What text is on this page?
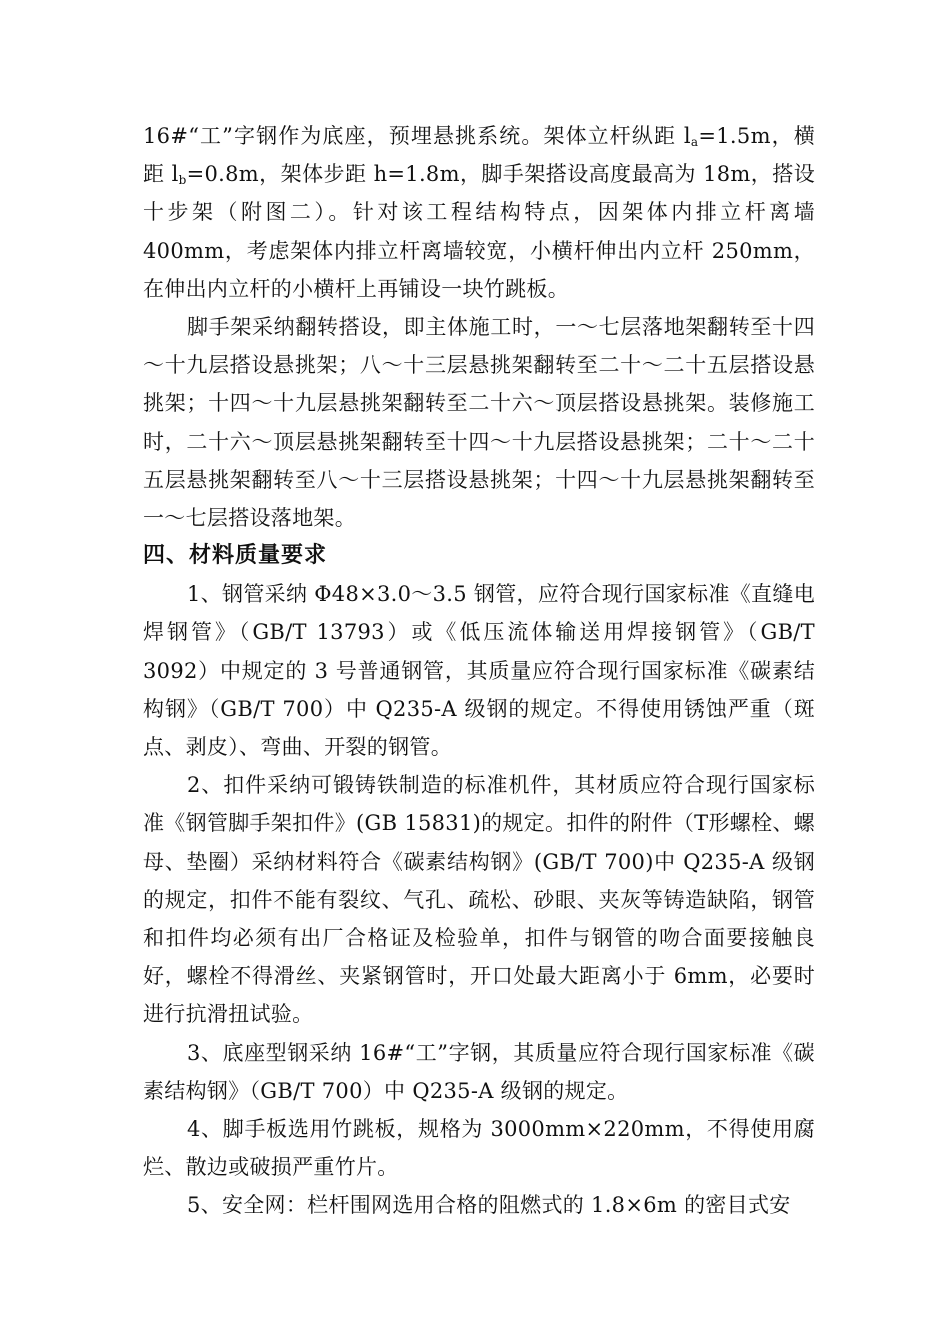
16#“工”字钢作为底座，预埋悬挑系统。架体立杆纵距 $l_a=1.5m$，横距 $l_b=0.8m$，架体步距 h=1.8m，脚手架搭设高度最高为 18m，搭设十步架（附图二）。针对该工程结构特点，因架体内排立杆离墙 400mm，考虑架体内排立杆离墙较宽，小横杆伸出内立杆 250mm，在伸出内立杆的小横杆上再铺设一块竹跳板。

脚手架采纳翻转搭设，即主体施工时，一～七层落地架翻转至十四～十九层搭设悬挑架；八～十三层悬挑架翻转至二十～二十五层搭设悬挑架；十四～十九层悬挑架翻转至二十六～顶层搭设悬挑架。装修施工时，二十六～顶层悬挑架翻转至十四～十九层搭设悬挑架；二十～二十五层悬挑架翻转至八～十三层搭设悬挑架；十四～十九层悬挑架翻转至一～七层搭设落地架。

四、材料质量要求

1、钢管采纳 Φ48×3.0～3.5 钢管，应符合现行国家标准《直缝电焊钢管》（GB/T 13793）或《低压流体输送用焊接钢管》（GB/T 3092）中规定的 3 号普通钢管，其质量应符合现行国家标准《碳素结构钢》（GB/T 700）中 Q235-A 级钢的规定。不得使用锈蚀严重（斑点、剥皮）、弯曲、开裂的钢管。

2、扣件采纳可锻铸铁制造的标准机件，其材质应符合现行国家标准《钢管脚手架扣件》(GB 15831)的规定。扣件的附件（T形螺栓、螺母、垫圈）采纳材料符合《碳素结构钢》(GB/T 700)中 Q235-A 级钢的规定，扣件不能有裂纹、气孔、疏松、砂眼、夹灰等铸造缺陷，钢管和扣件均必须有出厂合格证及检验单，扣件与钢管的吻合面要接触良好，螺栓不得滑丝、夹紧钢管时，开口处最大距离小于 6mm，必要时进行抗滑扭试验。

3、底座型钢采纳 16#“工”字钢，其质量应符合现行国家标准《碳素结构钢》（GB/T 700）中 Q235-A 级钢的规定。

4、脚手板选用竹跳板，规格为 3000mm×220mm，不得使用腐烂、散边或破损严重竹片。

5、安全网：栏杆围网选用合格的阻燃式的 1.8×6m 的密目式安
